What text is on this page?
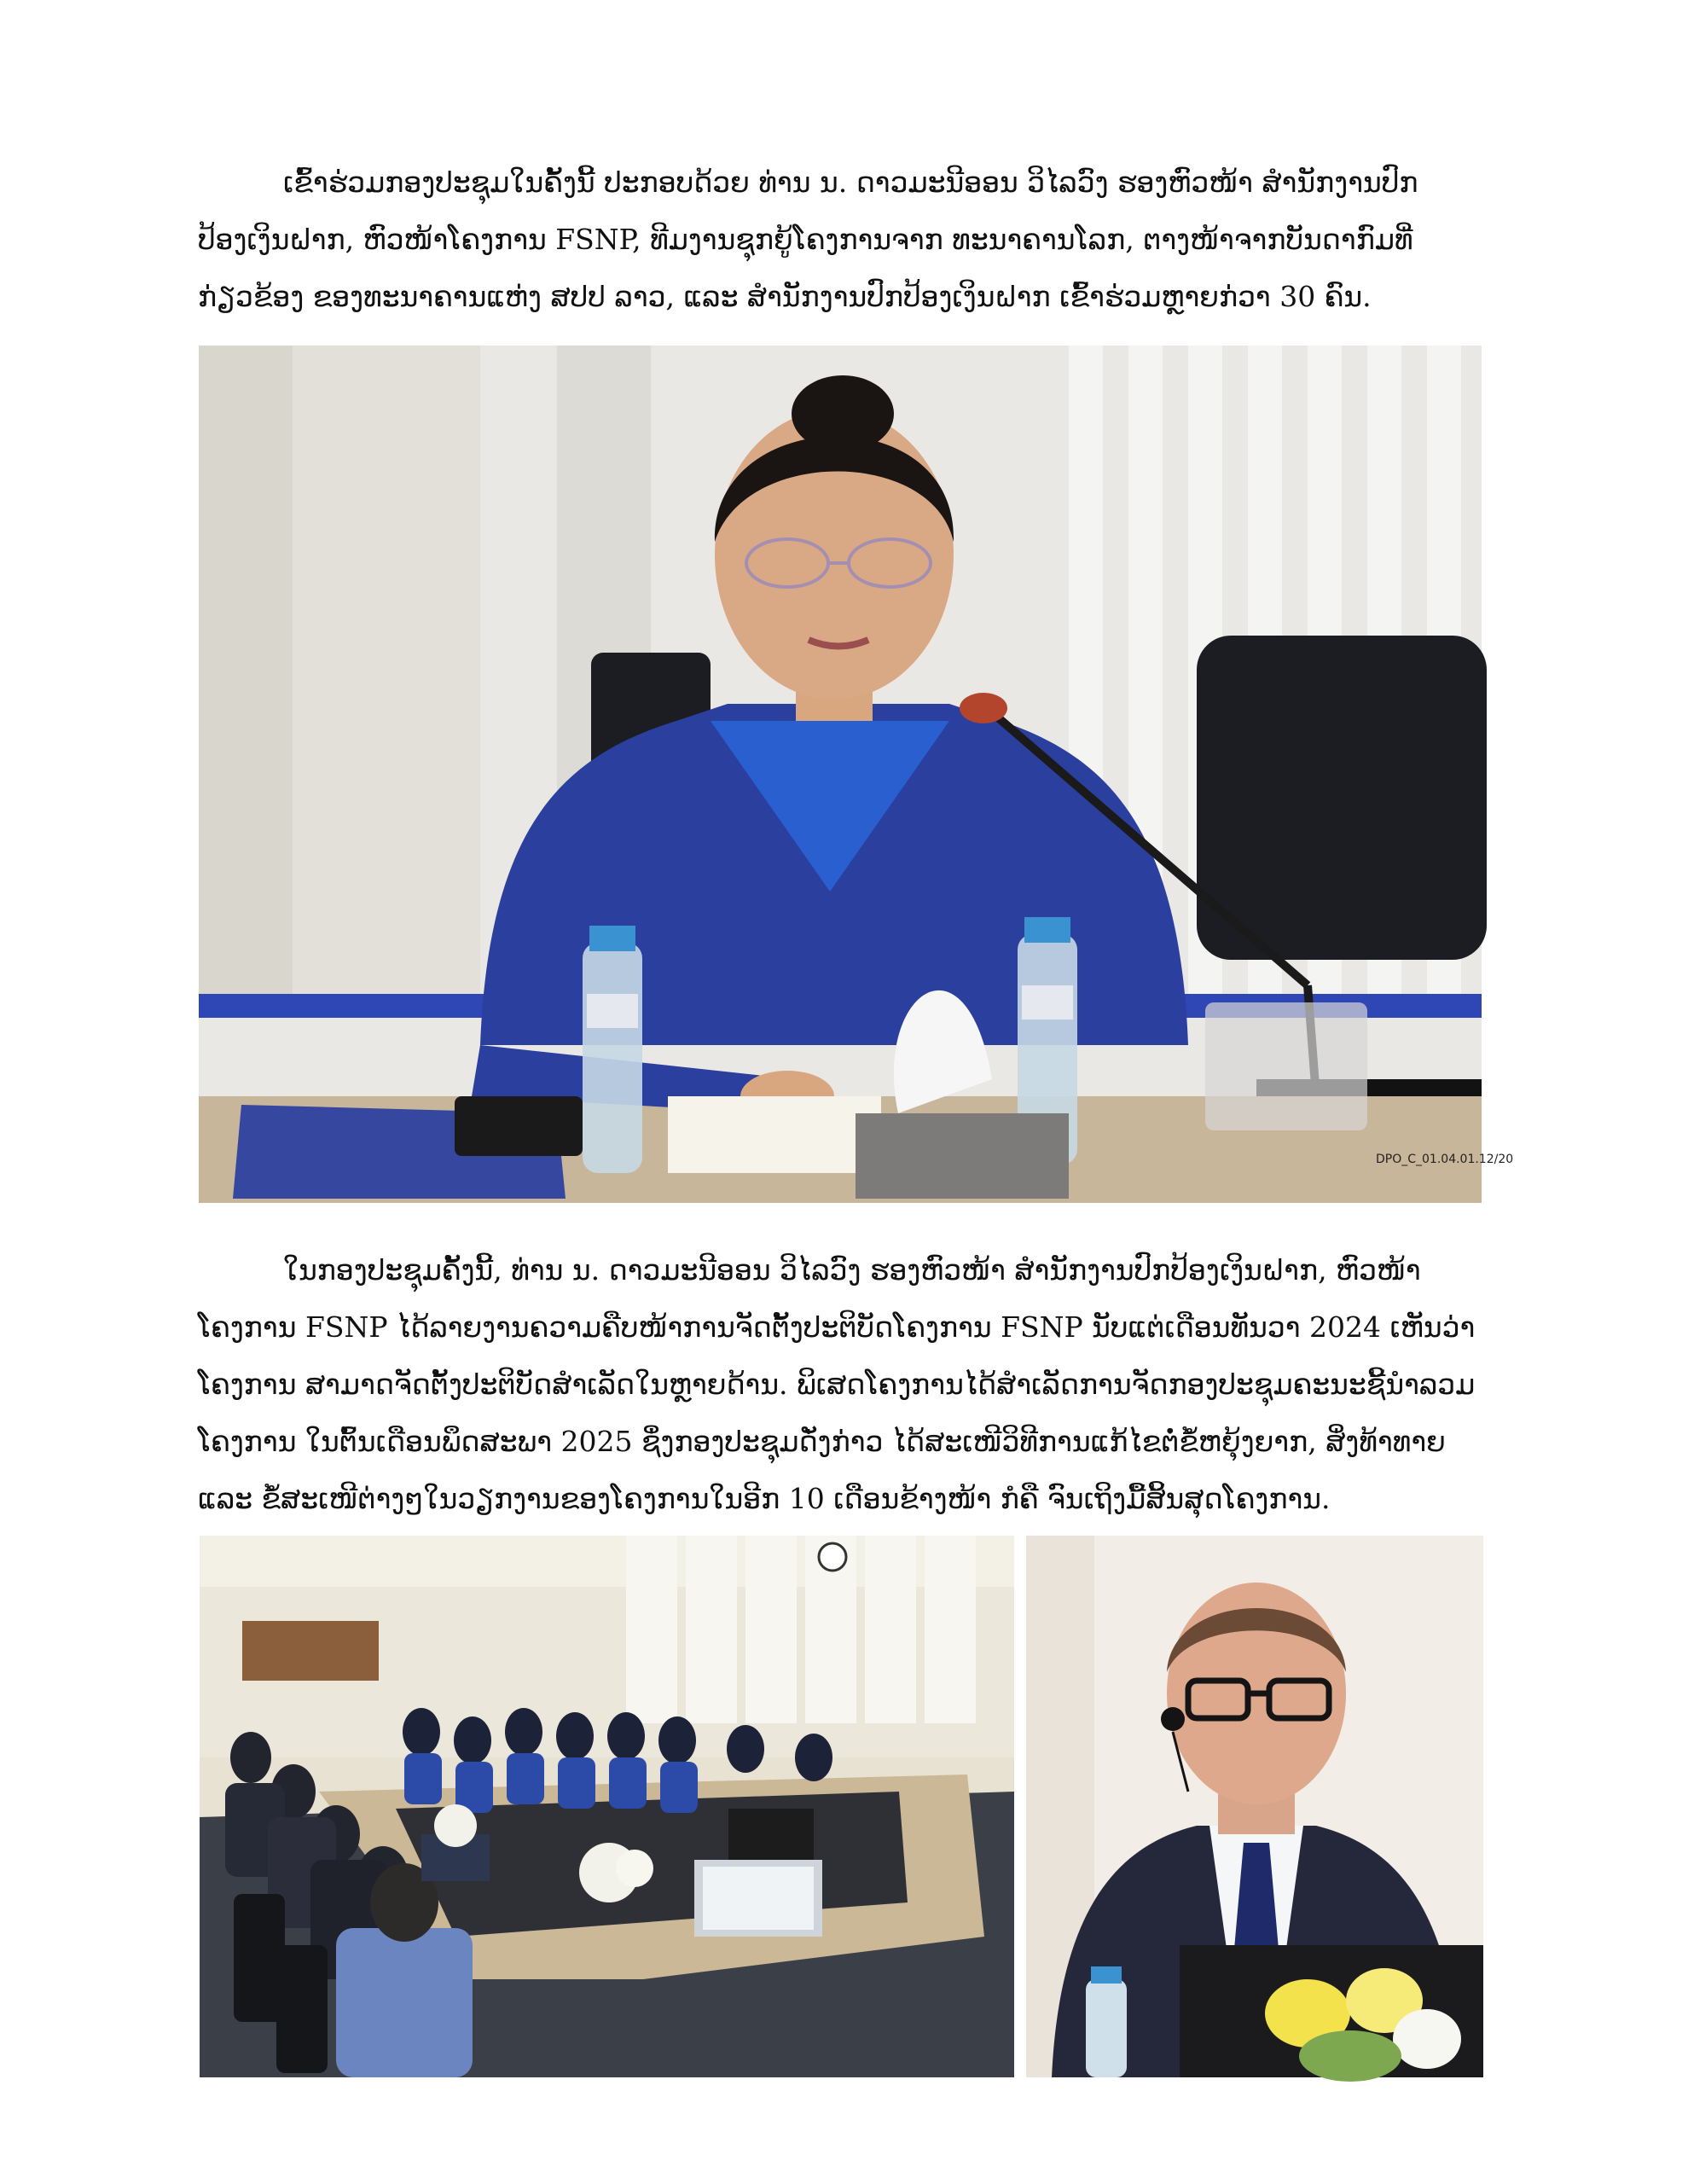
ເຂົ້າຮ່ວມກອງປະຊຸມໃນຄັ້ງນີ້ ປະກອບດ້ວຍ ທ່ານ ນ. ດາວມະນີອອນ ວິໄລວົງ ຮອງຫົວໜ້າ ສຳນັກງານປົກ
ປ້ອງເງິນຝາກ, ຫົວໜ້າໂຄງການ FSNP, ທີມງານຊຸກຍູ້ໂຄງການຈາກ ທະນາຄານໂລກ, ຕາງໜ້າຈາກບັນດາກົມທີ່
ກ່ຽວຂ້ອງ ຂອງທະນາຄານແຫ່ງ ສປປ ລາວ, ແລະ ສຳນັກງານປົກປ້ອງເງິນຝາກ ເຂົ້າຮ່ວມຫຼາຍກ່ວາ 30 ຄົນ.
DPO_C_01.04.01.12/20
ໃນກອງປະຊຸມຄັ້ງນີ້, ທ່ານ ນ. ດາວມະນີອອນ ວິໄລວົງ ຮອງຫົວໜ້າ ສຳນັກງານປົກປ້ອງເງິນຝາກ, ຫົວໜ້າ
ໂຄງການ FSNP ໄດ້ລາຍງານຄວາມຄືບໜ້າການຈັດຕັ້ງປະຕິບັດໂຄງການ FSNP ນັບແຕ່ເດືອນທັນວາ 2024 ເຫັນວ່າ
ໂຄງການ ສາມາດຈັດຕັ້ງປະຕິບັດສຳເລັດໃນຫຼາຍດ້ານ. ພິເສດໂຄງການໄດ້ສຳເລັດການຈັດກອງປະຊຸມຄະນະຊີ້ນຳລວມ
ໂຄງການ ໃນຕົ້ນເດືອນພຶດສະພາ 2025 ຊຶ່ງກອງປະຊຸມດັ່ງກ່າວ ໄດ້ສະເໜີວິທີການແກ້ໄຂຕໍ່ຂໍ້ຫຍຸ້ງຍາກ, ສິ່ງທ້າທາຍ
ແລະ ຂໍ້ສະເໜີຕ່າງໆໃນວຽກງານຂອງໂຄງການໃນອີກ 10 ເດືອນຂ້າງໜ້າ ກໍຄື ຈົນເຖິງມື້ສິ້ນສຸດໂຄງການ.
